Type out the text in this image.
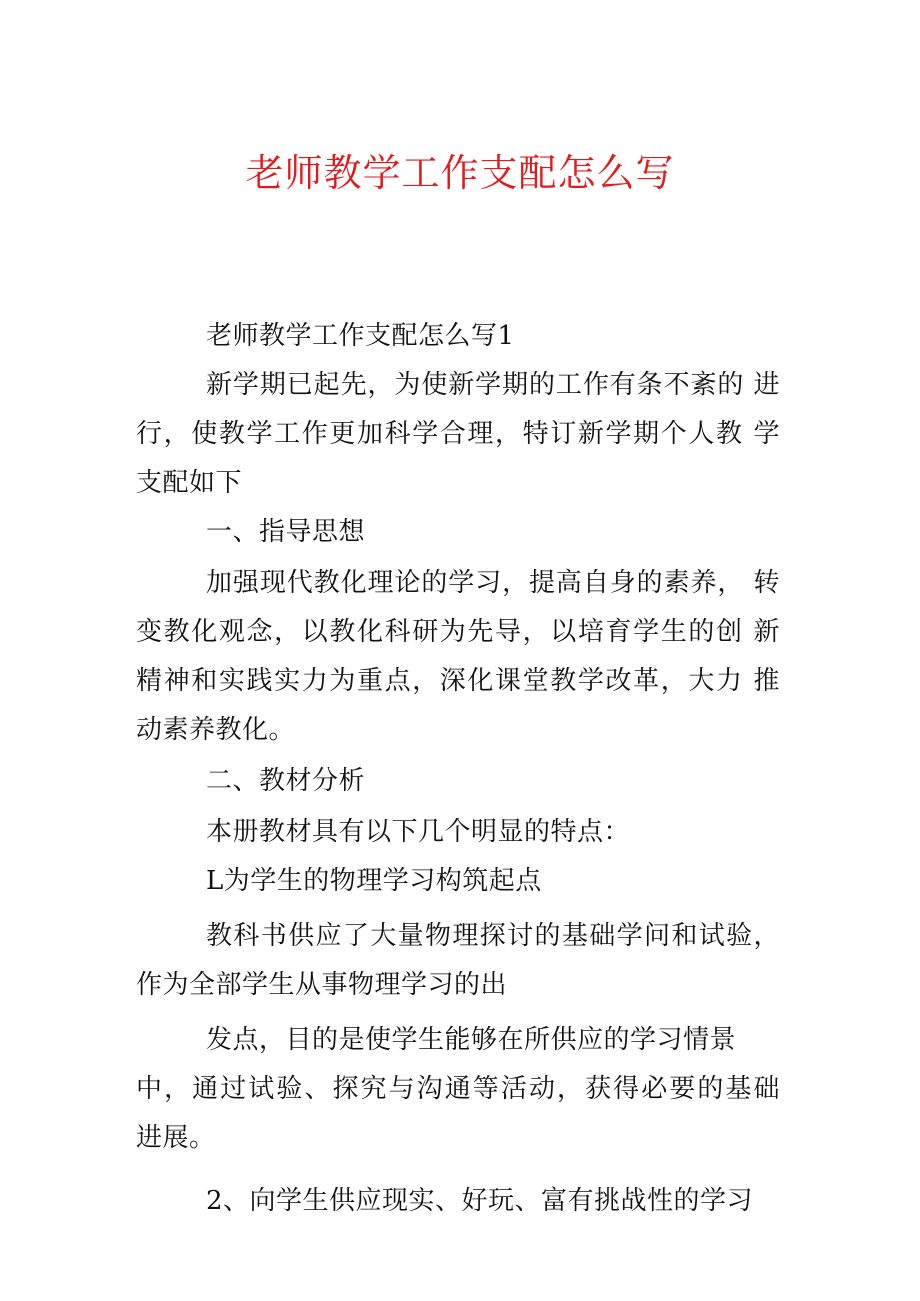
老师教学工作支配怎么写

老师教学工作支配怎么写1

新学期已起先，为使新学期的工作有条不紊的 进行，使教学工作更加科学合理，特订新学期个人教 学支配如下

一、指导思想

加强现代教化理论的学习，提高自身的素养， 转变教化观念，以教化科研为先导，以培育学生的创 新精神和实践实力为重点，深化课堂教学改革，大力 推动素养教化。

二、教材分析

本册教材具有以下几个明显的特点：

L为学生的物理学习构筑起点

教科书供应了大量物理探讨的基础学问和试验，作为全部学生从事物理学习的出

发点，目的是使学生能够在所供应的学习情景

中，通过试验、探究与沟通等活动，获得必要的基础 进展。

2、向学生供应现实、好玩、富有挑战性的学习
